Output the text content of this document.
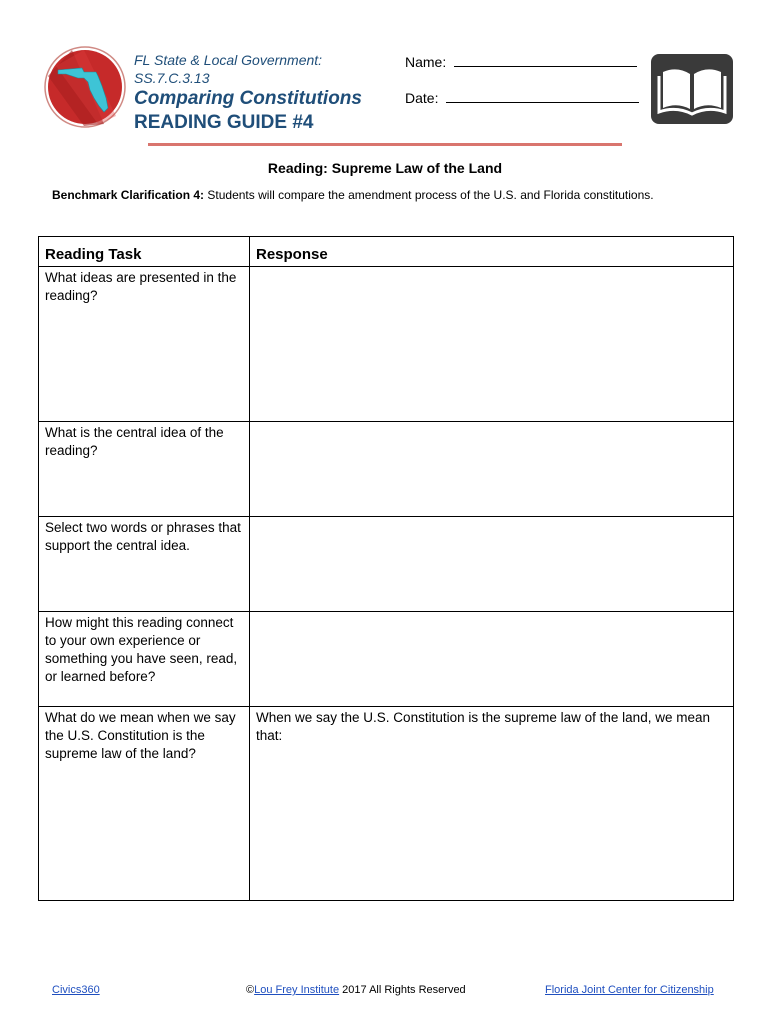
FL State & Local Government:
SS.7.C.3.13
Comparing Constitutions
READING GUIDE #4
Name:
Date:
Reading: Supreme Law of the Land
Benchmark Clarification 4: Students will compare the amendment process of the U.S. and Florida constitutions.
Reading Task	Response
What ideas are presented in the reading?	
What is the central idea of the reading?	
Select two words or phrases that support the central idea.	
How might this reading connect to your own experience or something you have seen, read, or learned before?	
What do we mean when we say the U.S. Constitution is the supreme law of the land?	When we say the U.S. Constitution is the supreme law of the land, we mean that:
Civics360	©Lou Frey Institute 2017 All Rights Reserved	Florida Joint Center for Citizenship
